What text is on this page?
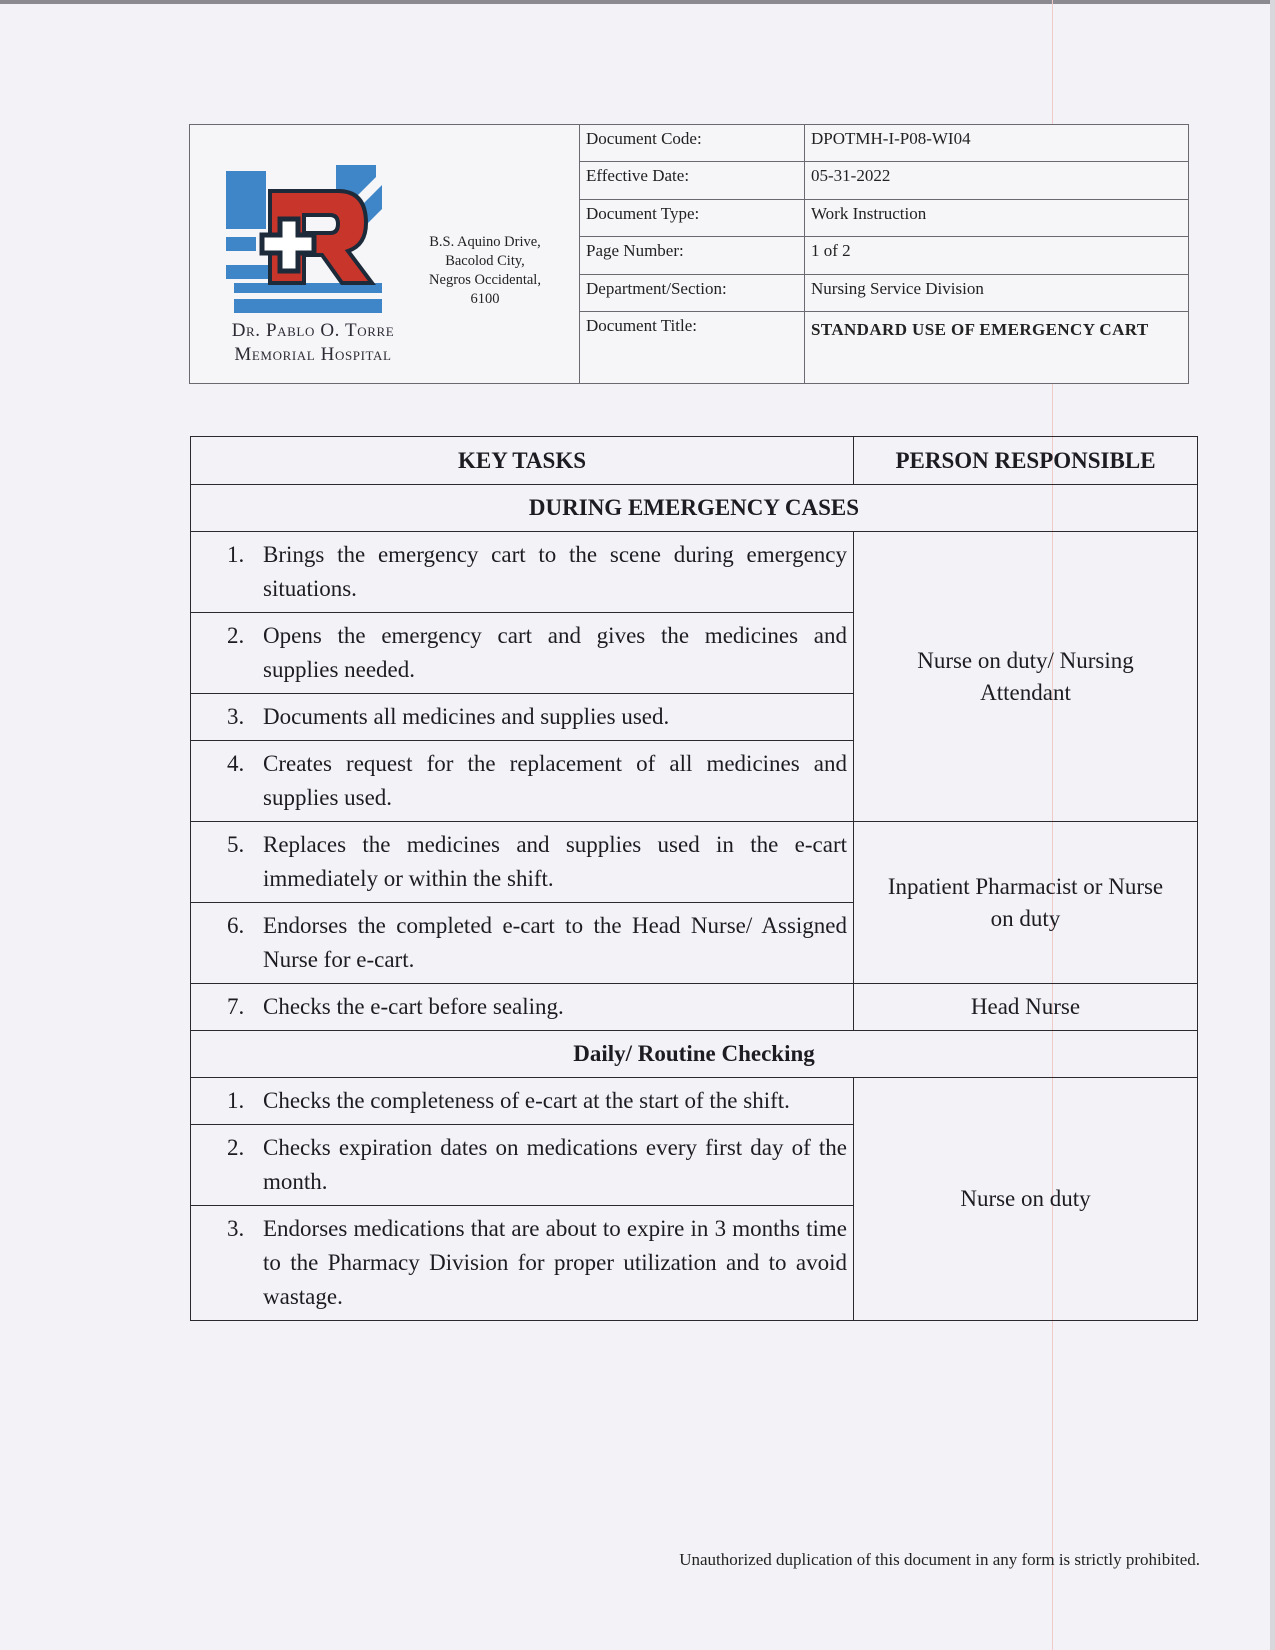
Dr. Pablo O. Torre
Memorial Hospital
B.S. Aquino Drive,
Bacolod City,
Negros Occidental,
6100
Document Code:	DPOTMH-I-P08-WI04
Effective Date:	05-31-2022
Document Type:	Work Instruction
Page Number:	1 of 2
Department/Section:	Nursing Service Division
Document Title:	STANDARD USE OF EMERGENCY CART
KEY TASKS	PERSON RESPONSIBLE
DURING EMERGENCY CASES	

1. Brings the emergency cart to the scene during emergency situations.	Nurse on duty/ Nursing Attendant

2. Opens the emergency cart and gives the medicines and supplies needed.	

3. Documents all medicines and supplies used.	

4. Creates request for the replacement of all medicines and supplies used.	

5. Replaces the medicines and supplies used in the e-cart immediately or within the shift.	Inpatient Pharmacist or Nurse on duty

6. Endorses the completed e-cart to the Head Nurse/ Assigned Nurse for e-cart.	

7. Checks the e-cart before sealing.	Head Nurse
Daily/ Routine Checking	

1. Checks the completeness of e-cart at the start of the shift.	Nurse on duty

2. Checks expiration dates on medications every first day of the month.	

3. Endorses medications that are about to expire in 3 months time to the Pharmacy Division for proper utilization and to avoid wastage.	
Unauthorized duplication of this document in any form is strictly prohibited.
